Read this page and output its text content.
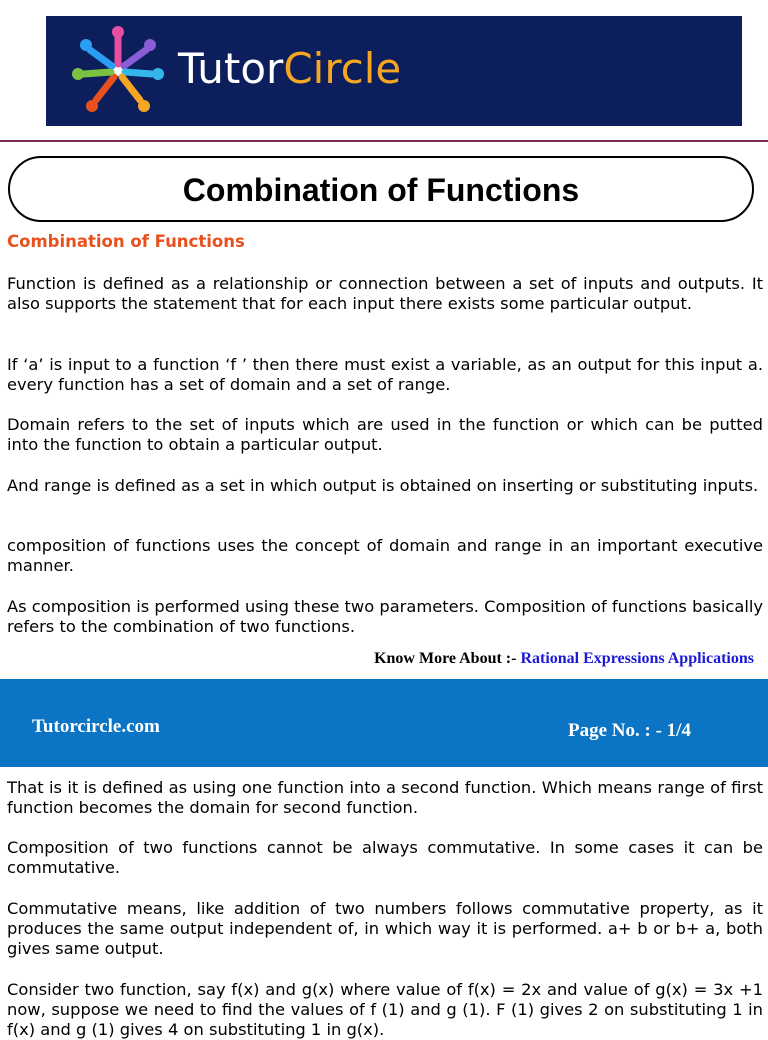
TutorCircle
Combination of Functions
Combination of Functions
Function is defined as a relationship or connection between a set of inputs and outputs. It also supports the statement that for each input there exists some particular output.
If ‘a’ is input to a function ‘f ’ then there must exist a variable, as an output for this input a. every function has a set of domain and a set of range.
Domain refers to the set of inputs which are used in the function or which can be putted into the function to obtain a particular output.
And range is defined as a set in which output is obtained on inserting or substituting inputs.
composition of functions uses the concept of domain and range in an important executive manner.
As composition is performed using these two parameters. Composition of functions basically refers to the combination of two functions.
Know More About :- Rational Expressions Applications
Tutorcircle.com	Page No. : - 1/4
That is it is defined as using one function into a second function. Which means range of first function becomes the domain for second function.
Composition of two functions cannot be always commutative. In some cases it can be commutative.
Commutative means, like addition of two numbers follows commutative property, as it produces the same output independent of, in which way it is performed. a+ b or b+ a, both gives same output.
Consider two function, say f(x) and g(x) where value of f(x) = 2x and value of g(x) = 3x +1 now, suppose we need to find the values of f (1) and g (1). F (1) gives 2 on substituting 1 in f(x) and g (1) gives 4 on substituting 1 in g(x).
